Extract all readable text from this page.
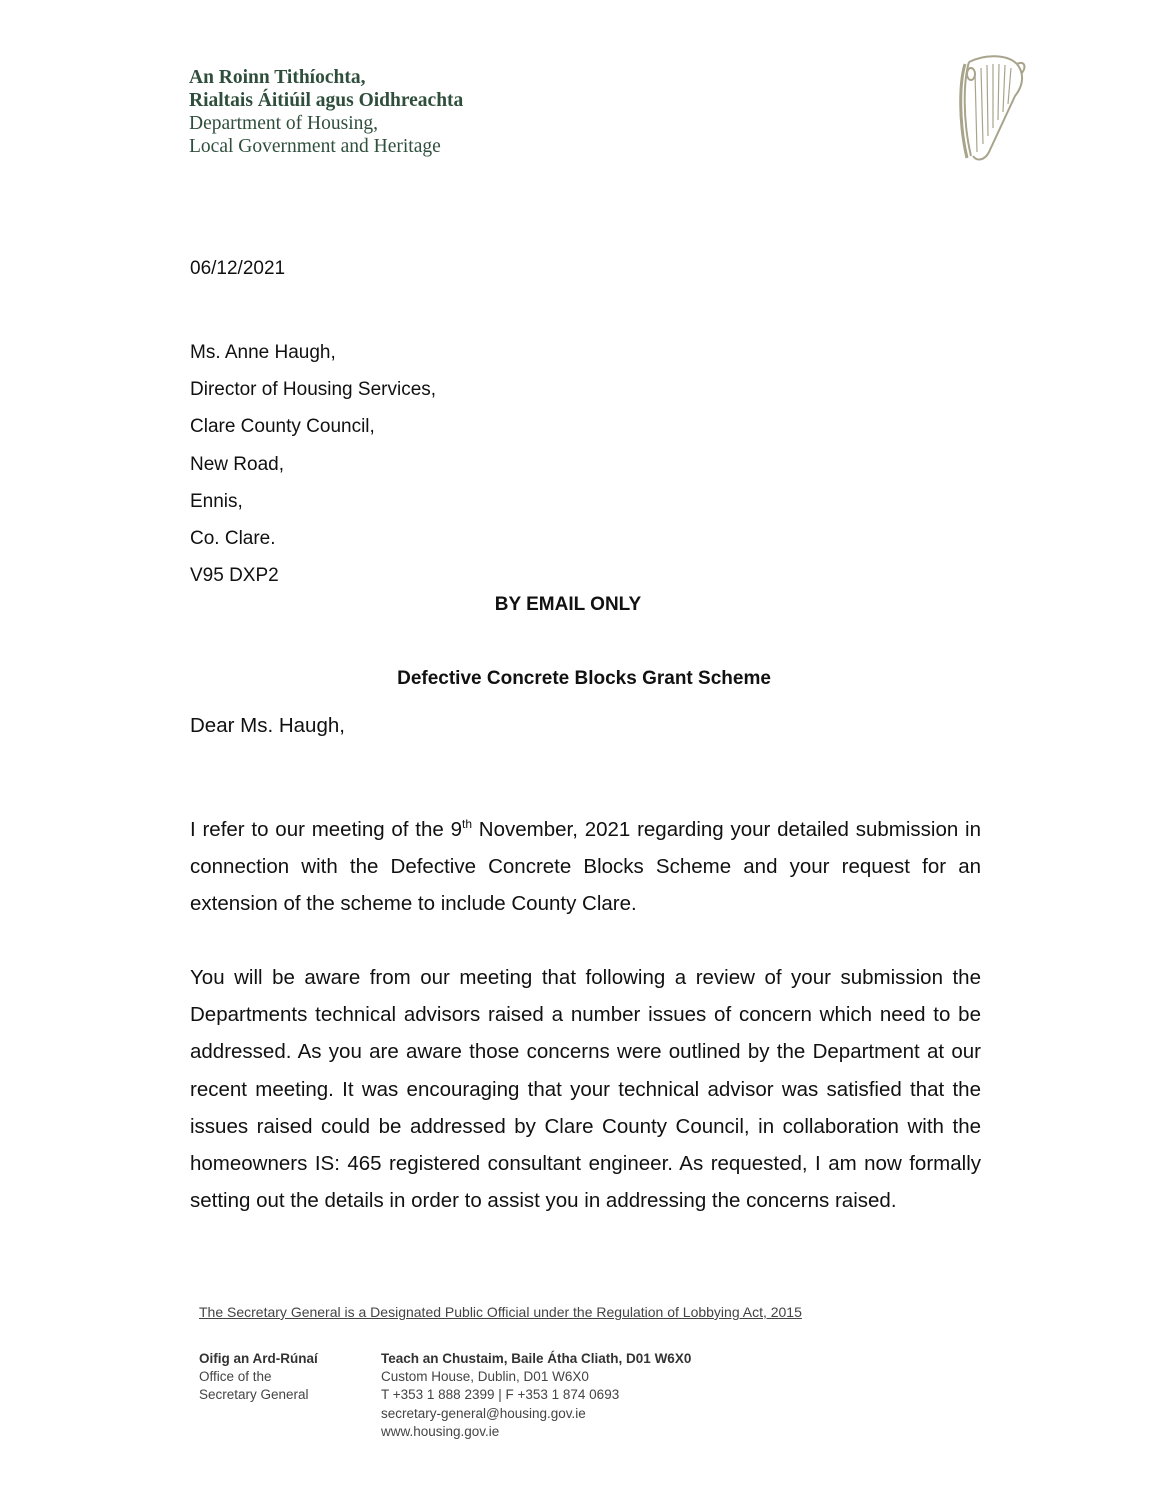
An Roinn Tithíochta,
Rialtais Áitiúil agus Oidhreachta
Department of Housing,
Local Government and Heritage
06/12/2021
Ms. Anne Haugh,
Director of Housing Services,
Clare County Council,
New Road,
Ennis,
Co. Clare.
V95 DXP2
BY EMAIL ONLY
Defective Concrete Blocks Grant Scheme
Dear Ms. Haugh,
I refer to our meeting of the 9th November, 2021 regarding your detailed submission in connection with the Defective Concrete Blocks Scheme and your request for an extension of the scheme to include County Clare.
You will be aware from our meeting that following a review of your submission the Departments technical advisors raised a number issues of concern which need to be addressed. As you are aware those concerns were outlined by the Department at our recent meeting. It was encouraging that your technical advisor was satisfied that the issues raised could be addressed by Clare County Council, in collaboration with the homeowners IS: 465 registered consultant engineer. As requested, I am now formally setting out the details in order to assist you in addressing the concerns raised.
The Secretary General is a Designated Public Official under the Regulation of Lobbying Act, 2015
Oifig an Ard-Rúnaí
Office of the
Secretary General
Teach an Chustaim, Baile Átha Cliath, D01 W6X0
Custom House, Dublin, D01 W6X0
T +353 1 888 2399 | F +353 1 874 0693
secretary-general@housing.gov.ie
www.housing.gov.ie
